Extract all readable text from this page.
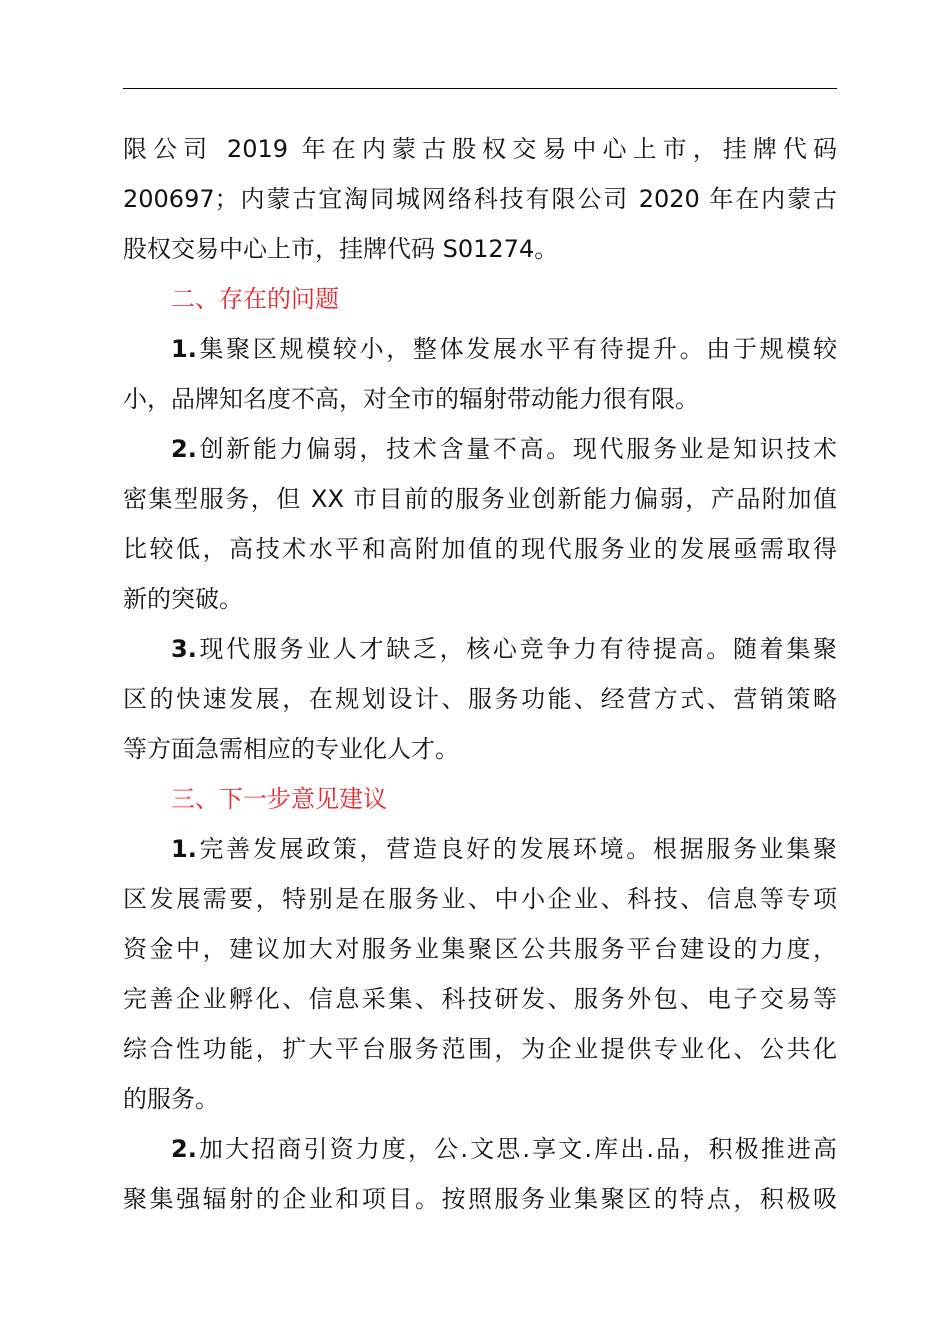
限公司 2019 年在内蒙古股权交易中心上市，挂牌代码

200697；内蒙古宜淘同城网络科技有限公司 2020 年在内蒙古

股权交易中心上市，挂牌代码 S01274。

二、存在的问题

1.集聚区规模较小，整体发展水平有待提升。由于规模较

小，品牌知名度不高，对全市的辐射带动能力很有限。

2.创新能力偏弱，技术含量不高。现代服务业是知识技术

密集型服务，但 XX 市目前的服务业创新能力偏弱，产品附加值

比较低，高技术水平和高附加值的现代服务业的发展亟需取得

新的突破。

3.现代服务业人才缺乏，核心竞争力有待提高。随着集聚

区的快速发展，在规划设计、服务功能、经营方式、营销策略

等方面急需相应的专业化人才。

三、下一步意见建议

1.完善发展政策，营造良好的发展环境。根据服务业集聚

区发展需要，特别是在服务业、中小企业、科技、信息等专项

资金中，建议加大对服务业集聚区公共服务平台建设的力度，

完善企业孵化、信息采集、科技研发、服务外包、电子交易等

综合性功能，扩大平台服务范围，为企业提供专业化、公共化

的服务。

2.加大招商引资力度，公.文思.享文.库出.品，积极推进高

聚集强辐射的企业和项目。按照服务业集聚区的特点，积极吸
